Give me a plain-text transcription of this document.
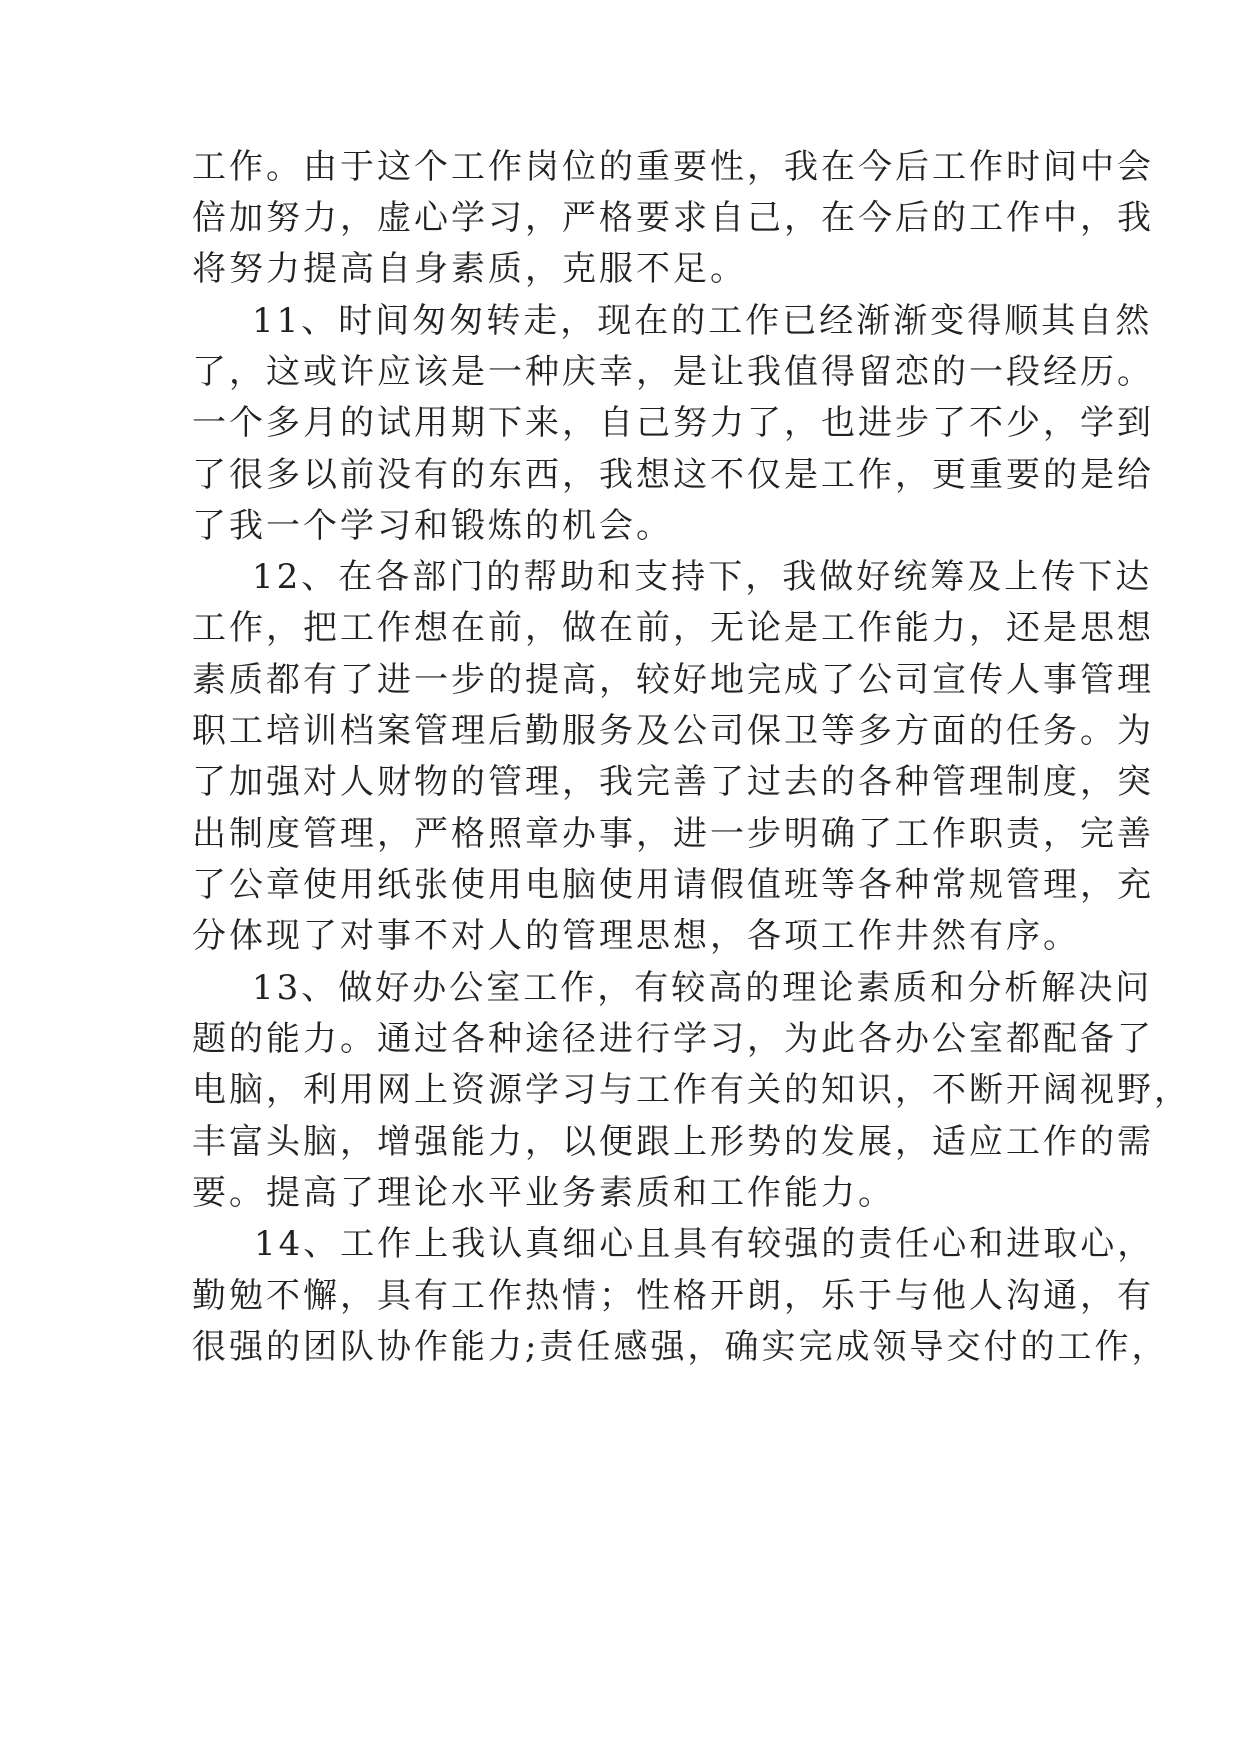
工作。由于这个工作岗位的重要性，我在今后工作时间中会
倍加努力，虚心学习，严格要求自己，在今后的工作中，我
将努力提高自身素质，克服不足。
11、时间匆匆转走，现在的工作已经渐渐变得顺其自然
了，这或许应该是一种庆幸，是让我值得留恋的一段经历。
一个多月的试用期下来，自己努力了，也进步了不少，学到
了很多以前没有的东西，我想这不仅是工作，更重要的是给
了我一个学习和锻炼的机会。
12、在各部门的帮助和支持下，我做好统筹及上传下达
工作，把工作想在前，做在前，无论是工作能力，还是思想
素质都有了进一步的提高，较好地完成了公司宣传人事管理
职工培训档案管理后勤服务及公司保卫等多方面的任务。为
了加强对人财物的管理，我完善了过去的各种管理制度，突
出制度管理，严格照章办事，进一步明确了工作职责，完善
了公章使用纸张使用电脑使用请假值班等各种常规管理，充
分体现了对事不对人的管理思想，各项工作井然有序。
13、做好办公室工作，有较高的理论素质和分析解决问
题的能力。通过各种途径进行学习，为此各办公室都配备了
电脑，利用网上资源学习与工作有关的知识，不断开阔视野，
丰富头脑，增强能力，以便跟上形势的发展，适应工作的需
要。提高了理论水平业务素质和工作能力。
14、工作上我认真细心且具有较强的责任心和进取心，
勤勉不懈，具有工作热情；性格开朗，乐于与他人沟通，有
很强的团队协作能力;责任感强，确实完成领导交付的工作，
